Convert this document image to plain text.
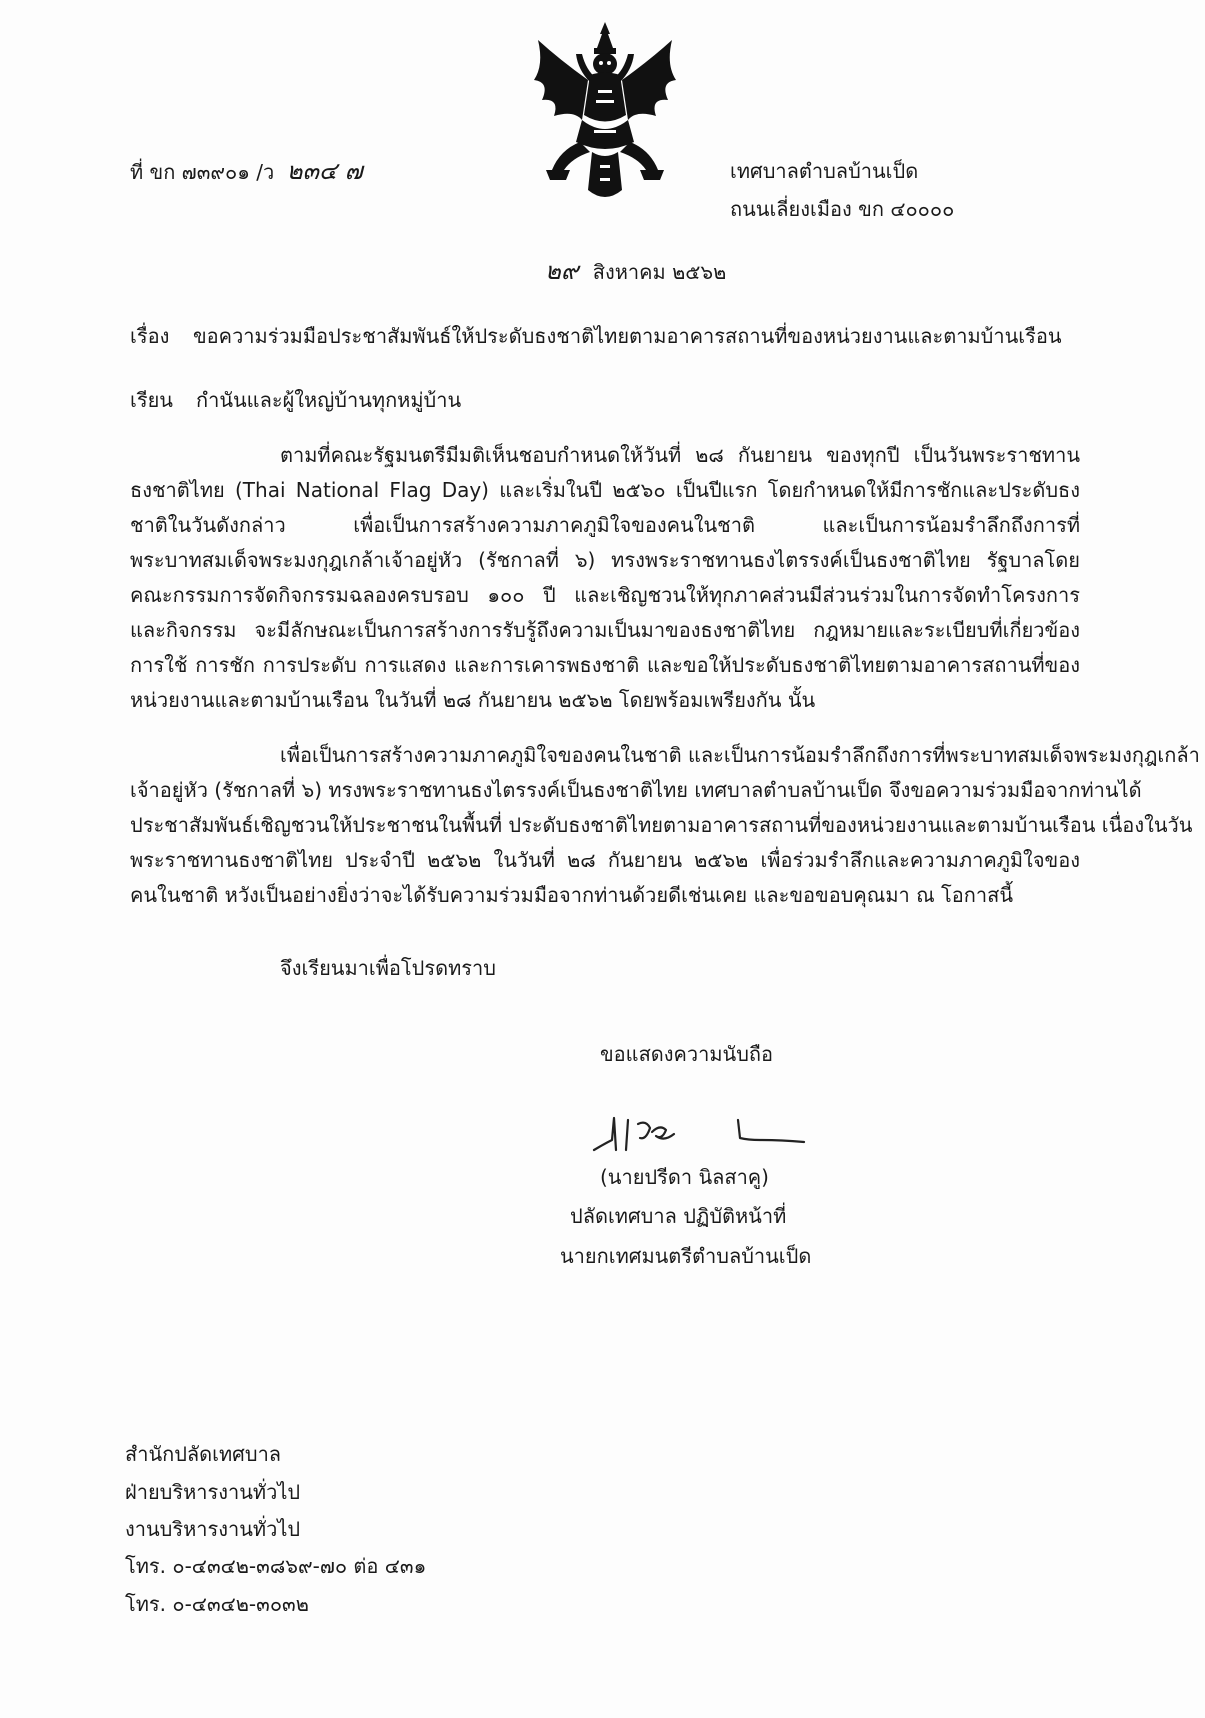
ที่ ขก ๗๓๙๐๑ /ว ๒๓๔ ๗	เทศบาลตำบลบ้านเป็ด
ถนนเลี่ยงเมือง ขก ๔๐๐๐๐
๒๙ สิงหาคม ๒๕๖๒
เรื่อง ขอความร่วมมือประชาสัมพันธ์ให้ประดับธงชาติไทยตามอาคารสถานที่ของหน่วยงานและตามบ้านเรือน
เรียน กำนันและผู้ใหญ่บ้านทุกหมู่บ้าน
ตามที่คณะรัฐมนตรีมีมติเห็นชอบกำหนดให้วันที่ ๒๘ กันยายน ของทุกปี เป็นวันพระราชทาน
ธงชาติไทย (Thai National Flag Day) และเริ่มในปี ๒๕๖๐ เป็นปีแรก โดยกำหนดให้มีการชักและประดับธง
ชาติในวันดังกล่าว เพื่อเป็นการสร้างความภาคภูมิใจของคนในชาติ และเป็นการน้อมรำลึกถึงการที่
พระบาทสมเด็จพระมงกุฎเกล้าเจ้าอยู่หัว (รัชกาลที่ ๖) ทรงพระราชทานธงไตรรงค์เป็นธงชาติไทย รัฐบาลโดย
คณะกรรมการจัดกิจกรรมฉลองครบรอบ ๑๐๐ ปี และเชิญชวนให้ทุกภาคส่วนมีส่วนร่วมในการจัดทำโครงการ
และกิจกรรม จะมีลักษณะเป็นการสร้างการรับรู้ถึงความเป็นมาของธงชาติไทย กฎหมายและระเบียบที่เกี่ยวข้อง
การใช้ การชัก การประดับ การแสดง และการเคารพธงชาติ และขอให้ประดับธงชาติไทยตามอาคารสถานที่ของ
หน่วยงานและตามบ้านเรือน ในวันที่ ๒๘ กันยายน ๒๕๖๒ โดยพร้อมเพรียงกัน นั้น
เพื่อเป็นการสร้างความภาคภูมิใจของคนในชาติ และเป็นการน้อมรำลึกถึงการที่พระบาทสมเด็จพระมงกุฎเกล้า
เจ้าอยู่หัว (รัชกาลที่ ๖) ทรงพระราชทานธงไตรรงค์เป็นธงชาติไทย เทศบาลตำบลบ้านเป็ด จึงขอความร่วมมือจากท่านได้
ประชาสัมพันธ์เชิญชวนให้ประชาชนในพื้นที่ ประดับธงชาติไทยตามอาคารสถานที่ของหน่วยงานและตามบ้านเรือน เนื่องในวัน
พระราชทานธงชาติไทย ประจำปี ๒๕๖๒ ในวันที่ ๒๘ กันยายน ๒๕๖๒ เพื่อร่วมรำลึกและความภาคภูมิใจของ
คนในชาติ หวังเป็นอย่างยิ่งว่าจะได้รับความร่วมมือจากท่านด้วยดีเช่นเคย และขอขอบคุณมา ณ โอกาสนี้
จึงเรียนมาเพื่อโปรดทราบ
ขอแสดงความนับถือ
(นายปรีดา นิลสาคู)
ปลัดเทศบาล ปฏิบัติหน้าที่
นายกเทศมนตรีตำบลบ้านเป็ด
สำนักปลัดเทศบาล
ฝ่ายบริหารงานทั่วไป
งานบริหารงานทั่วไป
โทร. ๐-๔๓๔๒-๓๘๖๙-๗๐ ต่อ ๔๓๑
โทร. ๐-๔๓๔๒-๓๐๓๒
